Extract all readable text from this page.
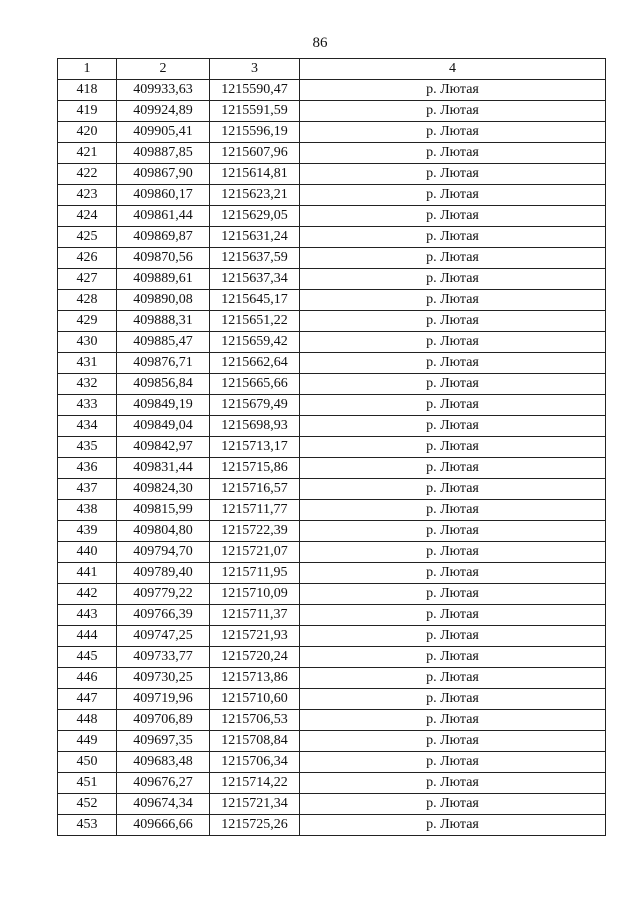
86
1	2	3	4
418	409933,63	1215590,47	р. Лютая
419	409924,89	1215591,59	р. Лютая
420	409905,41	1215596,19	р. Лютая
421	409887,85	1215607,96	р. Лютая
422	409867,90	1215614,81	р. Лютая
423	409860,17	1215623,21	р. Лютая
424	409861,44	1215629,05	р. Лютая
425	409869,87	1215631,24	р. Лютая
426	409870,56	1215637,59	р. Лютая
427	409889,61	1215637,34	р. Лютая
428	409890,08	1215645,17	р. Лютая
429	409888,31	1215651,22	р. Лютая
430	409885,47	1215659,42	р. Лютая
431	409876,71	1215662,64	р. Лютая
432	409856,84	1215665,66	р. Лютая
433	409849,19	1215679,49	р. Лютая
434	409849,04	1215698,93	р. Лютая
435	409842,97	1215713,17	р. Лютая
436	409831,44	1215715,86	р. Лютая
437	409824,30	1215716,57	р. Лютая
438	409815,99	1215711,77	р. Лютая
439	409804,80	1215722,39	р. Лютая
440	409794,70	1215721,07	р. Лютая
441	409789,40	1215711,95	р. Лютая
442	409779,22	1215710,09	р. Лютая
443	409766,39	1215711,37	р. Лютая
444	409747,25	1215721,93	р. Лютая
445	409733,77	1215720,24	р. Лютая
446	409730,25	1215713,86	р. Лютая
447	409719,96	1215710,60	р. Лютая
448	409706,89	1215706,53	р. Лютая
449	409697,35	1215708,84	р. Лютая
450	409683,48	1215706,34	р. Лютая
451	409676,27	1215714,22	р. Лютая
452	409674,34	1215721,34	р. Лютая
453	409666,66	1215725,26	р. Лютая
